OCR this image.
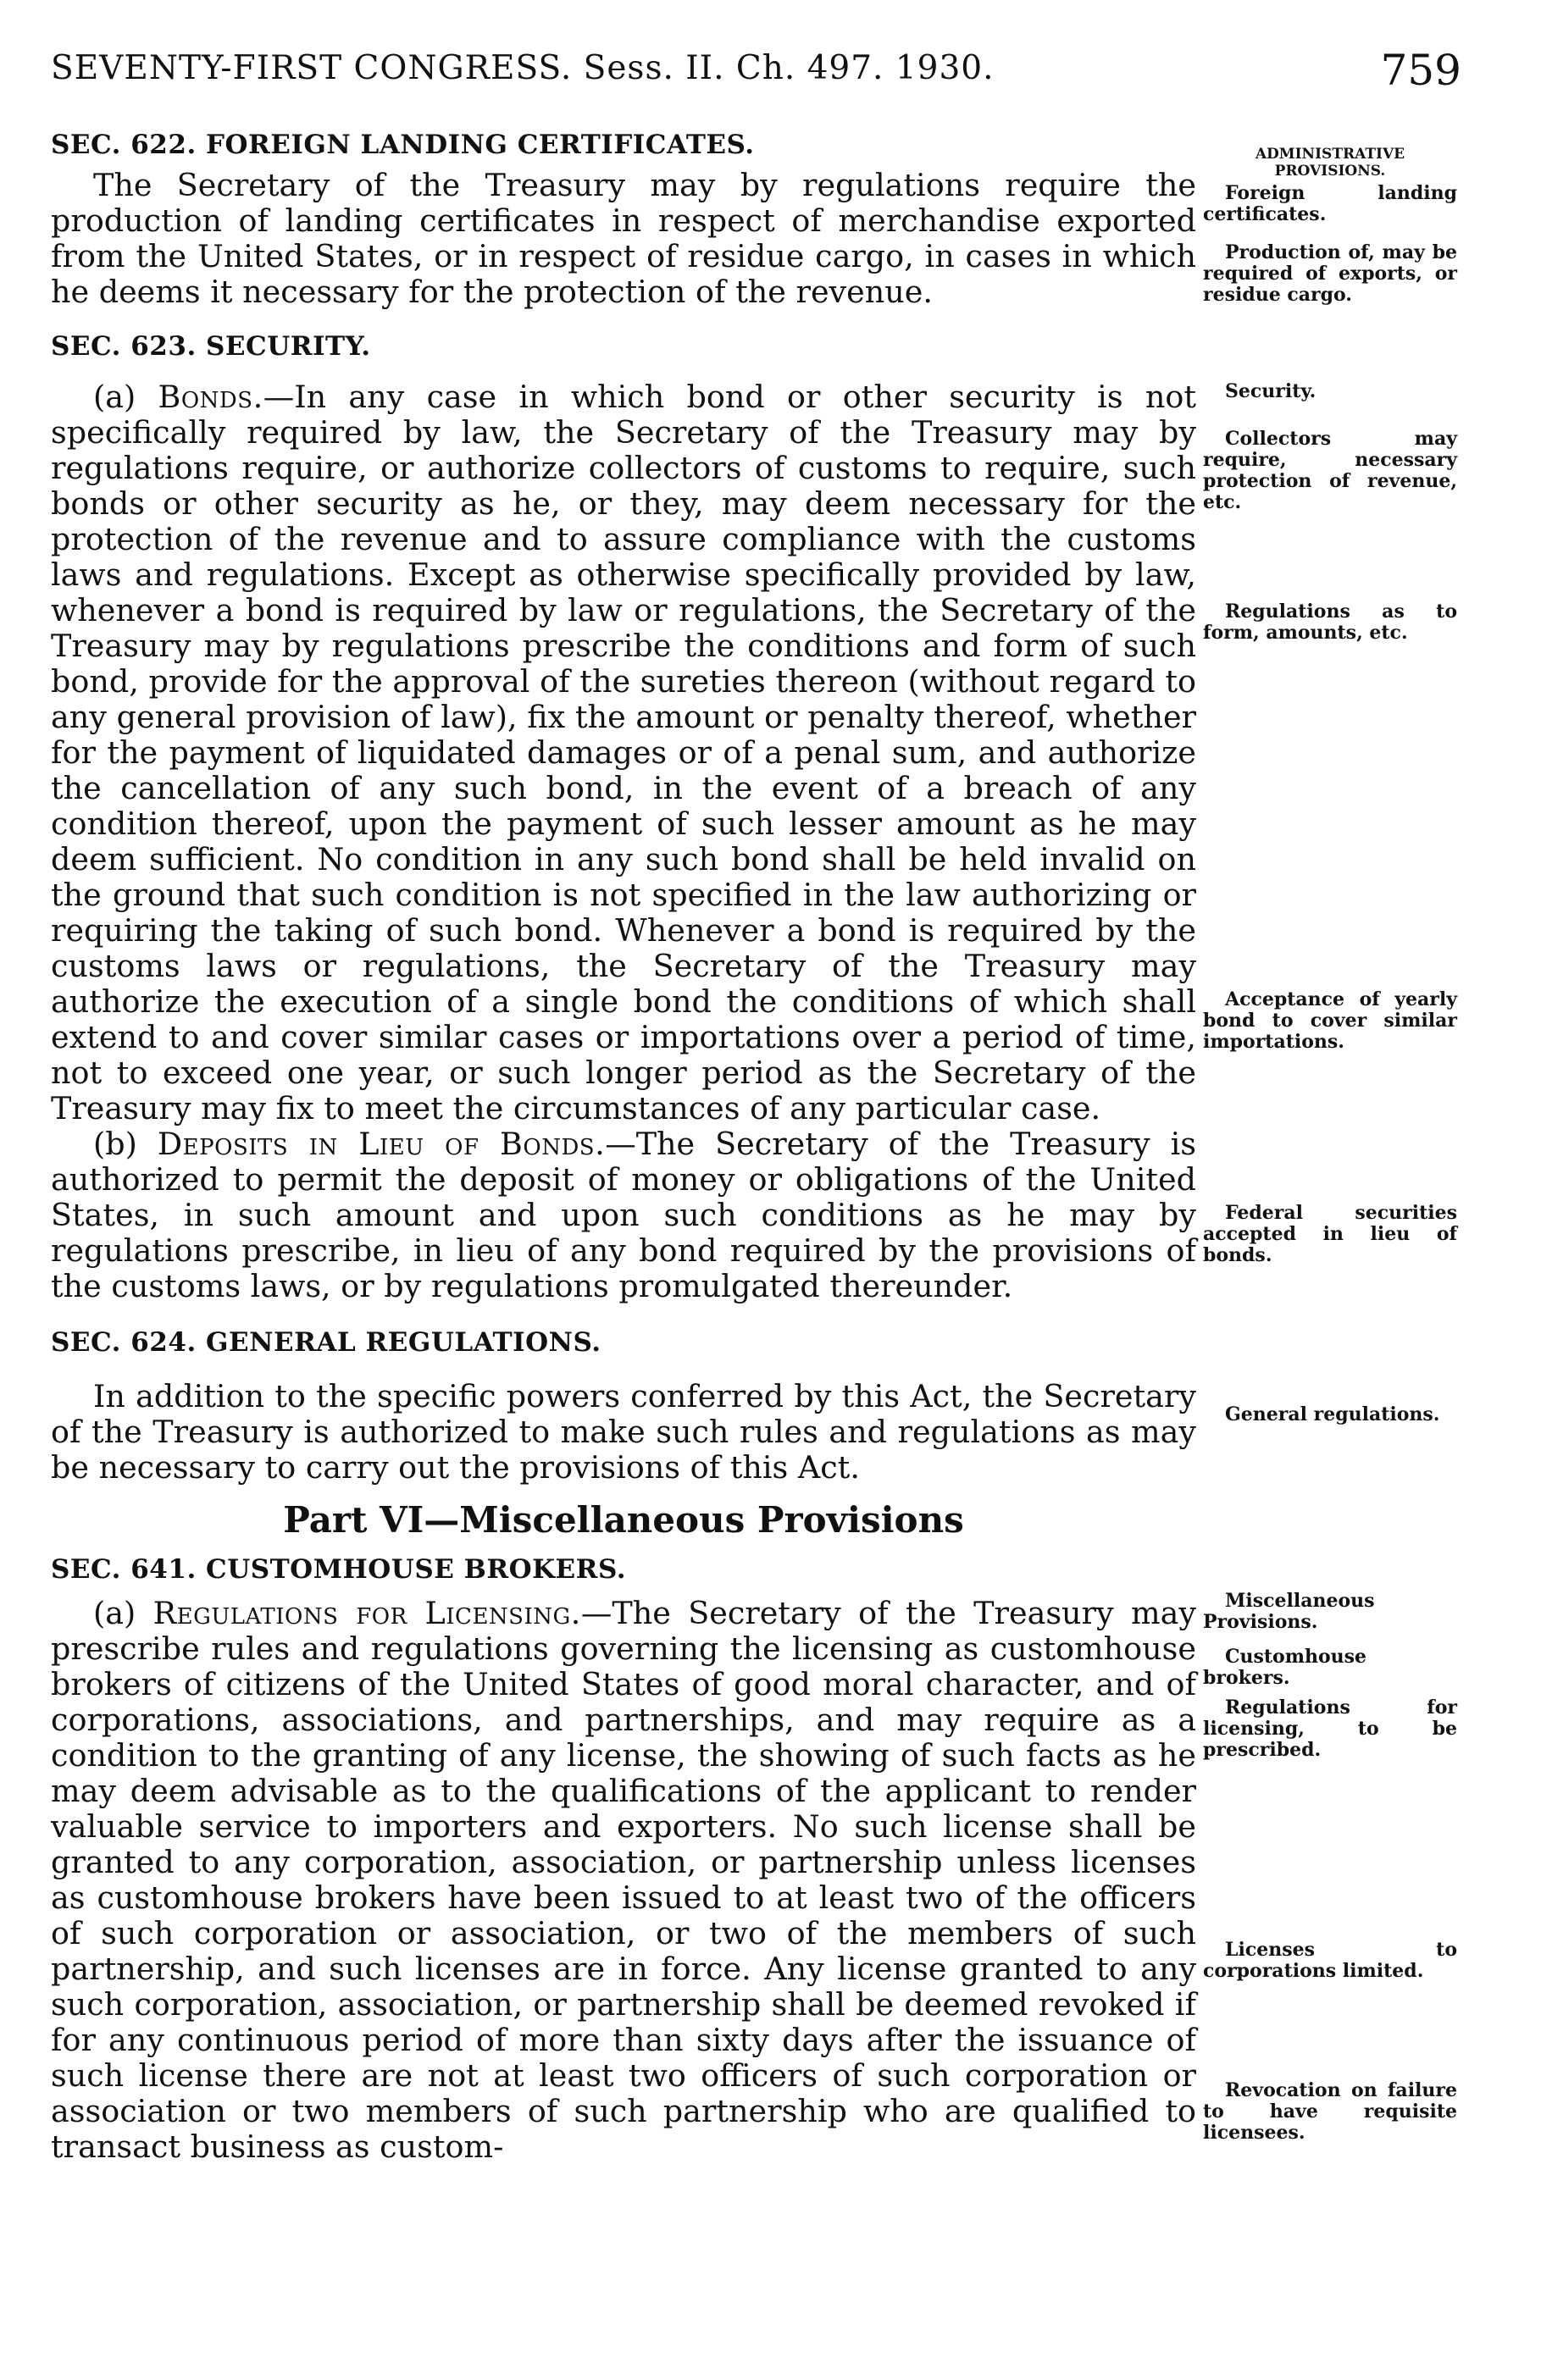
SEVENTY-FIRST CONGRESS. Sess. II. Ch. 497. 1930.	759
SEC. 622. FOREIGN LANDING CERTIFICATES.

The Secretary of the Treasury may by regulations require the production of landing certificates in respect of merchandise exported from the United States, or in respect of residue cargo, in cases in which he deems it necessary for the protection of the revenue.

SEC. 623. SECURITY.

(a) Bonds.—In any case in which bond or other security is not specifically required by law, the Secretary of the Treasury may by regulations require, or authorize collectors of customs to require, such bonds or other security as he, or they, may deem necessary for the protection of the revenue and to assure compliance with the customs laws and regulations. Except as otherwise specifically provided by law, whenever a bond is required by law or regulations, the Secretary of the Treasury may by regulations prescribe the conditions and form of such bond, provide for the approval of the sureties thereon (without regard to any general provision of law), fix the amount or penalty thereof, whether for the payment of liquidated damages or of a penal sum, and authorize the cancellation of any such bond, in the event of a breach of any condition thereof, upon the payment of such lesser amount as he may deem sufficient. No condition in any such bond shall be held invalid on the ground that such condition is not specified in the law authorizing or requiring the taking of such bond. Whenever a bond is required by the customs laws or regulations, the Secretary of the Treasury may authorize the execution of a single bond the conditions of which shall extend to and cover similar cases or importations over a period of time, not to exceed one year, or such longer period as the Secretary of the Treasury may fix to meet the circumstances of any particular case.

(b) Deposits in Lieu of Bonds.—The Secretary of the Treasury is authorized to permit the deposit of money or obligations of the United States, in such amount and upon such conditions as he may by regulations prescribe, in lieu of any bond required by the provisions of the customs laws, or by regulations promulgated thereunder.

SEC. 624. GENERAL REGULATIONS.

In addition to the specific powers conferred by this Act, the Secretary of the Treasury is authorized to make such rules and regulations as may be necessary to carry out the provisions of this Act.

Part VI—Miscellaneous Provisions
SEC. 641. CUSTOMHOUSE BROKERS.

(a) Regulations for Licensing.—The Secretary of the Treasury may prescribe rules and regulations governing the licensing as customhouse brokers of citizens of the United States of good moral character, and of corporations, associations, and partnerships, and may require as a condition to the granting of any license, the showing of such facts as he may deem advisable as to the qualifications of the applicant to render valuable service to importers and exporters. No such license shall be granted to any corporation, association, or partnership unless licenses as customhouse brokers have been issued to at least two of the officers of such corporation or association, or two of the members of such partnership, and such licenses are in force. Any license granted to any such corporation, association, or partnership shall be deemed revoked if for any continuous period of more than sixty days after the issuance of such license there are not at least two officers of such corporation or association or two members of such partnership who are qualified to transact business as custom-

ADMINISTRATIVE PROVISIONS.
Foreign landing certificates.
Production of, may be required of exports, or residue cargo.
Security.
Collectors may require, necessary protection of revenue, etc.
Regulations as to form, amounts, etc.
Acceptance of yearly bond to cover similar importations.
Federal securities accepted in lieu of bonds.
General regulations.
Miscellaneous Provisions.
Customhouse brokers.
Regulations for licensing, to be prescribed.
Licenses to corporations limited.
Revocation on failure to have requisite licensees.
